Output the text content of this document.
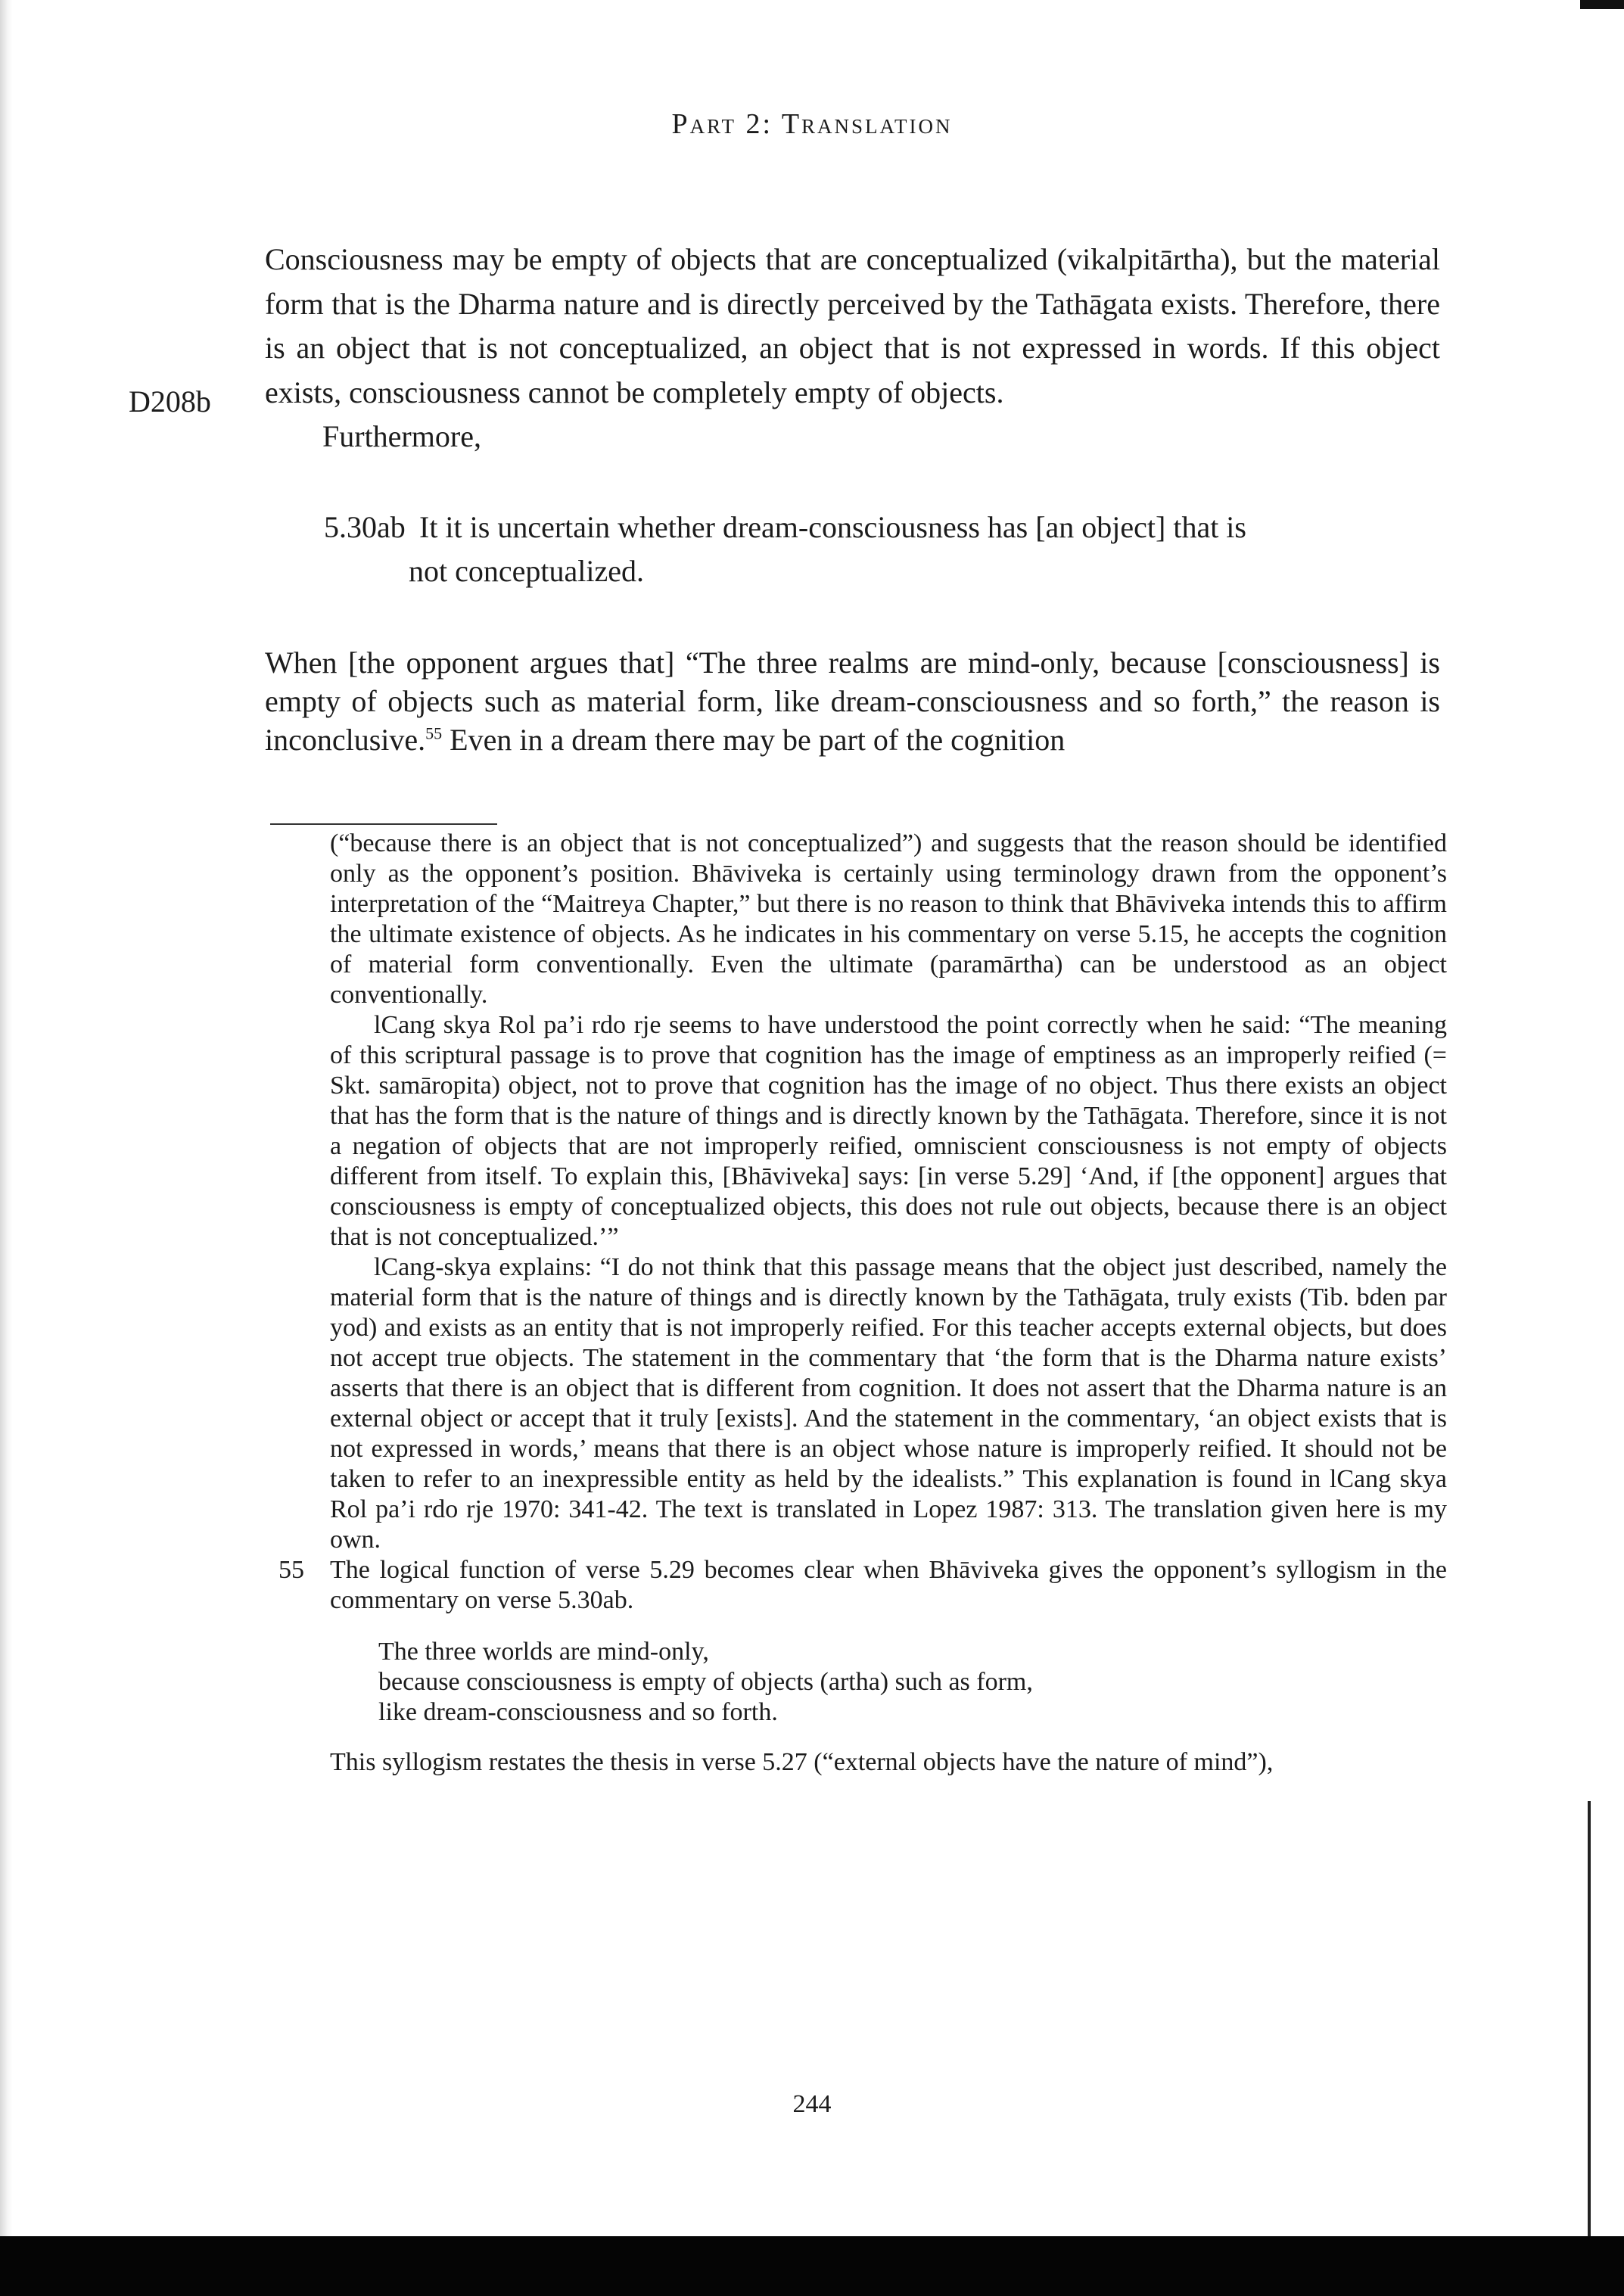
Part 2: Translation
D208b

Consciousness may be empty of objects that are conceptualized (vikalpitārtha), but the material form that is the Dharma nature and is directly perceived by the Tathāgata exists. Therefore, there is an object that is not conceptualized, an object that is not expressed in words. If this object exists, consciousness cannot be completely empty of objects.

Furthermore,

5.30ab It it is uncertain whether dream-consciousness has [an object] that is
not conceptualized.

When [the opponent argues that] “The three realms are mind-only, because [consciousness] is empty of objects such as material form, like dream-consciousness and so forth,” the reason is inconclusive.$^{55}$ Even in a dream there may be part of the cognition

(“because there is an object that is not conceptualized”) and suggests that the reason should be identified only as the opponent’s position. Bhāviveka is certainly using terminology drawn from the opponent’s interpretation of the “Maitreya Chapter,” but there is no reason to think that Bhāviveka intends this to affirm the ultimate existence of objects. As he indicates in his commentary on verse 5.15, he accepts the cognition of material form conventionally. Even the ultimate (paramārtha) can be understood as an object conventionally.

lCang skya Rol pa’i rdo rje seems to have understood the point correctly when he said: “The meaning of this scriptural passage is to prove that cognition has the image of emptiness as an improperly reified (= Skt. samāropita) object, not to prove that cognition has the image of no object. Thus there exists an object that has the form that is the nature of things and is directly known by the Tathāgata. Therefore, since it is not a negation of objects that are not improperly reified, omniscient consciousness is not empty of objects different from itself. To explain this, [Bhāviveka] says: [in verse 5.29] ‘And, if [the opponent] argues that consciousness is empty of conceptualized objects, this does not rule out objects, because there is an object that is not conceptualized.’”

lCang-skya explains: “I do not think that this passage means that the object just described, namely the material form that is the nature of things and is directly known by the Tathāgata, truly exists (Tib. bden par yod) and exists as an entity that is not improperly reified. For this teacher accepts external objects, but does not accept true objects. The statement in the commentary that ‘the form that is the Dharma nature exists’ asserts that there is an object that is different from cognition. It does not assert that the Dharma nature is an external object or accept that it truly [exists]. And the statement in the commentary, ‘an object exists that is not expressed in words,’ means that there is an object whose nature is improperly reified. It should not be taken to refer to an inexpressible entity as held by the idealists.” This explanation is found in lCang skya Rol pa’i rdo rje 1970: 341-42. The text is translated in Lopez 1987: 313. The translation given here is my own.

55 The logical function of verse 5.29 becomes clear when Bhāviveka gives the opponent’s syllogism in the commentary on verse 5.30ab.

The three worlds are mind-only,
because consciousness is empty of objects (artha) such as form,
like dream-consciousness and so forth.

This syllogism restates the thesis in verse 5.27 (“external objects have the nature of mind”),

244
